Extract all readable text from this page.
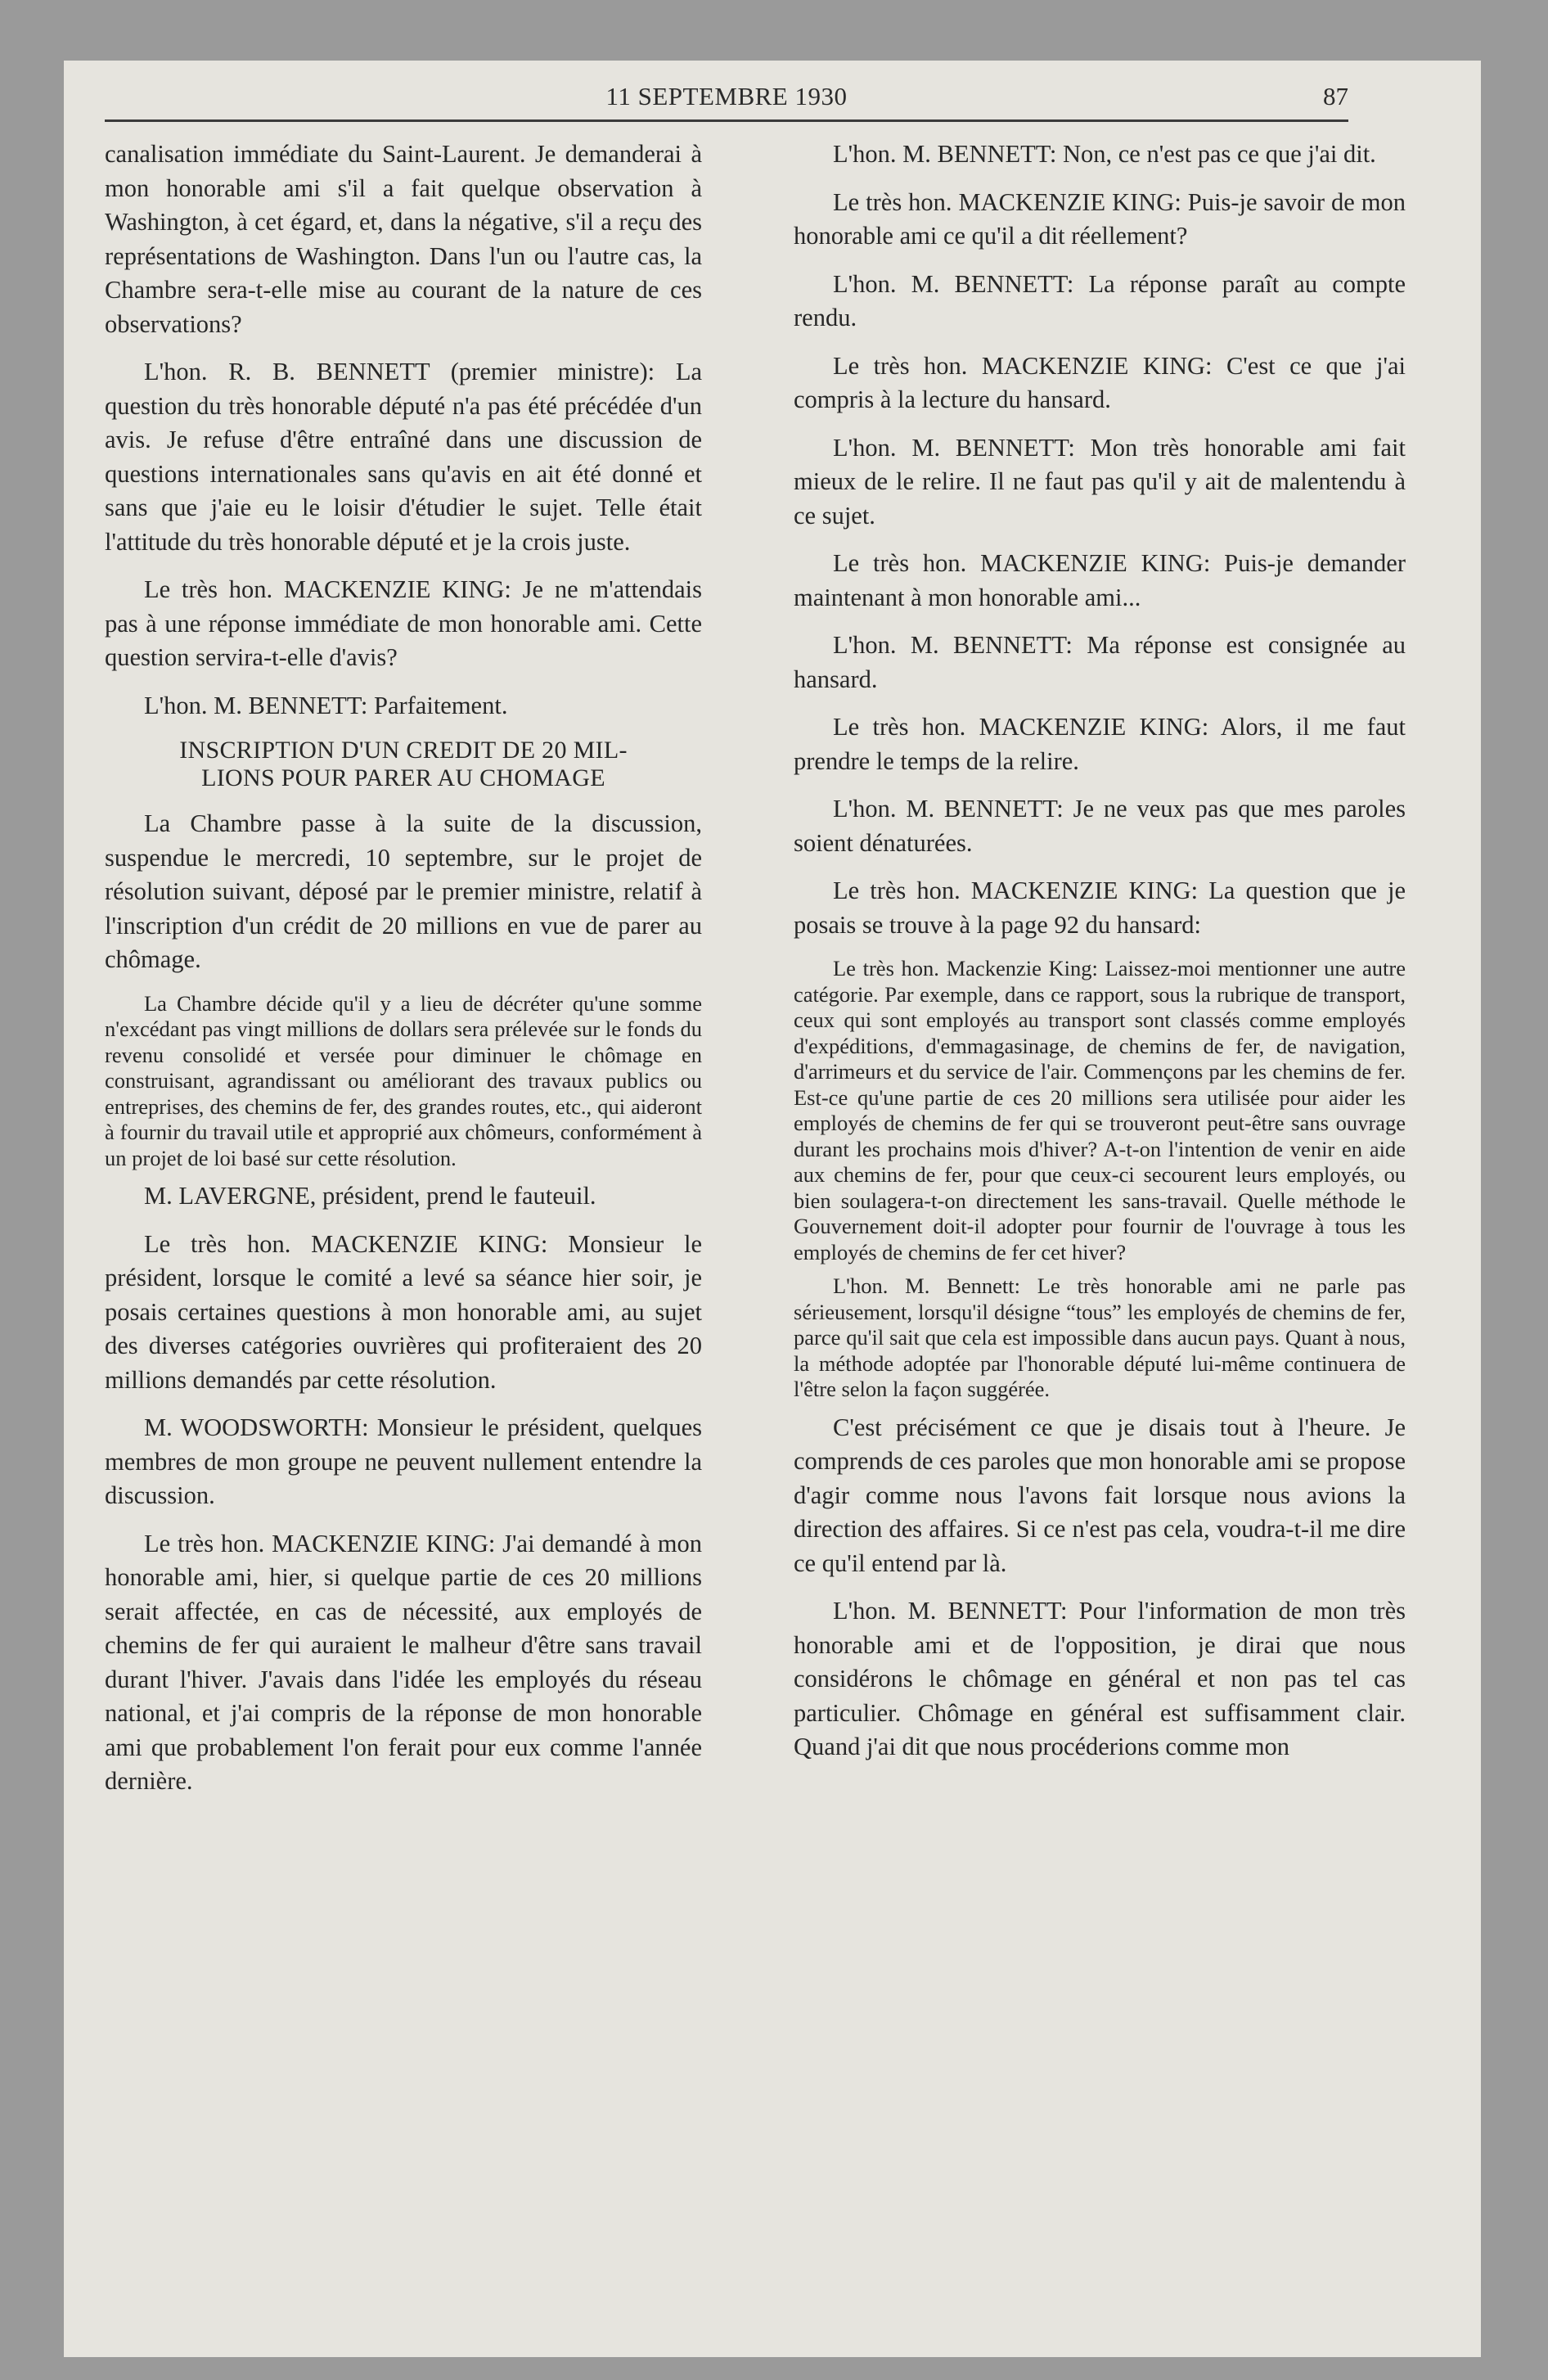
11 SEPTEMBRE 1930	87

canalisation immédiate du Saint-Laurent. Je demanderai à mon honorable ami s'il a fait quelque observation à Washington, à cet égard, et, dans la négative, s'il a reçu des représentations de Washington. Dans l'un ou l'autre cas, la Chambre sera-t-elle mise au courant de la nature de ces observations?

L'hon. R. B. BENNETT (premier ministre): La question du très honorable député n'a pas été précédée d'un avis. Je refuse d'être entraîné dans une discussion de questions internationales sans qu'avis en ait été donné et sans que j'aie eu le loisir d'étudier le sujet. Telle était l'attitude du très honorable député et je la crois juste.

Le très hon. MACKENZIE KING: Je ne m'attendais pas à une réponse immédiate de mon honorable ami. Cette question servira-t-elle d'avis?

L'hon. M. BENNETT: Parfaitement.

INSCRIPTION D'UN CREDIT DE 20 MIL-
LIONS POUR PARER AU CHOMAGE

La Chambre passe à la suite de la discussion, suspendue le mercredi, 10 septembre, sur le projet de résolution suivant, déposé par le premier ministre, relatif à l'inscription d'un crédit de 20 millions en vue de parer au chômage.

La Chambre décide qu'il y a lieu de décréter qu'une somme n'excédant pas vingt millions de dollars sera prélevée sur le fonds du revenu consolidé et versée pour diminuer le chômage en construisant, agrandissant ou améliorant des travaux publics ou entreprises, des chemins de fer, des grandes routes, etc., qui aideront à fournir du travail utile et approprié aux chômeurs, conformément à un projet de loi basé sur cette résolution.

M. LAVERGNE, président, prend le fauteuil.

Le très hon. MACKENZIE KING: Monsieur le président, lorsque le comité a levé sa séance hier soir, je posais certaines questions à mon honorable ami, au sujet des diverses catégories ouvrières qui profiteraient des 20 millions demandés par cette résolution.

M. WOODSWORTH: Monsieur le président, quelques membres de mon groupe ne peuvent nullement entendre la discussion.

Le très hon. MACKENZIE KING: J'ai demandé à mon honorable ami, hier, si quelque partie de ces 20 millions serait affectée, en cas de nécessité, aux employés de chemins de fer qui auraient le malheur d'être sans travail durant l'hiver. J'avais dans l'idée les employés du réseau national, et j'ai compris de la réponse de mon honorable ami que probablement l'on ferait pour eux comme l'année dernière.

L'hon. M. BENNETT: Non, ce n'est pas ce que j'ai dit.

Le très hon. MACKENZIE KING: Puis-je savoir de mon honorable ami ce qu'il a dit réellement?

L'hon. M. BENNETT: La réponse paraît au compte rendu.

Le très hon. MACKENZIE KING: C'est ce que j'ai compris à la lecture du hansard.

L'hon. M. BENNETT: Mon très honorable ami fait mieux de le relire. Il ne faut pas qu'il y ait de malentendu à ce sujet.

Le très hon. MACKENZIE KING: Puis-je demander maintenant à mon honorable ami...

L'hon. M. BENNETT: Ma réponse est consignée au hansard.

Le très hon. MACKENZIE KING: Alors, il me faut prendre le temps de la relire.

L'hon. M. BENNETT: Je ne veux pas que mes paroles soient dénaturées.

Le très hon. MACKENZIE KING: La question que je posais se trouve à la page 92 du hansard:

Le très hon. Mackenzie King: Laissez-moi mentionner une autre catégorie. Par exemple, dans ce rapport, sous la rubrique de transport, ceux qui sont employés au transport sont classés comme employés d'expéditions, d'emmagasinage, de chemins de fer, de navigation, d'arrimeurs et du service de l'air. Commençons par les chemins de fer. Est-ce qu'une partie de ces 20 millions sera utilisée pour aider les employés de chemins de fer qui se trouveront peut-être sans ouvrage durant les prochains mois d'hiver? A-t-on l'intention de venir en aide aux chemins de fer, pour que ceux-ci secourent leurs employés, ou bien soulagera-t-on directement les sans-travail. Quelle méthode le Gouvernement doit-il adopter pour fournir de l'ouvrage à tous les employés de chemins de fer cet hiver?

L'hon. M. Bennett: Le très honorable ami ne parle pas sérieusement, lorsqu'il désigne “tous” les employés de chemins de fer, parce qu'il sait que cela est impossible dans aucun pays. Quant à nous, la méthode adoptée par l'honorable député lui-même continuera de l'être selon la façon suggérée.

C'est précisément ce que je disais tout à l'heure. Je comprends de ces paroles que mon honorable ami se propose d'agir comme nous l'avons fait lorsque nous avions la direction des affaires. Si ce n'est pas cela, voudra-t-il me dire ce qu'il entend par là.

L'hon. M. BENNETT: Pour l'information de mon très honorable ami et de l'opposition, je dirai que nous considérons le chômage en général et non pas tel cas particulier. Chômage en général est suffisamment clair. Quand j'ai dit que nous procéderions comme mon
